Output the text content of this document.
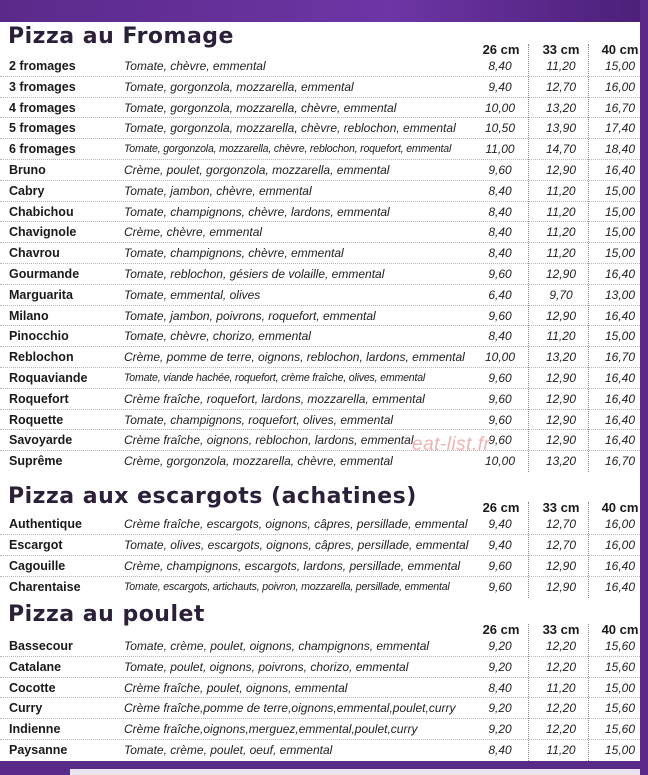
Pizza au Fromage
26 cm	33 cm	40 cm
2 fromages	Tomate, chèvre, emmental	8,40	11,20	15,00
3 fromages	Tomate, gorgonzola, mozzarella, emmental	9,40	12,70	16,00
4 fromages	Tomate, gorgonzola, mozzarella, chèvre, emmental	10,00	13,20	16,70
5 fromages	Tomate, gorgonzola, mozzarella, chèvre, reblochon, emmental	10,50	13,90	17,40
6 fromages	Tomate, gorgonzola, mozzarella, chèvre, reblochon, roquefort, emmental	11,00	14,70	18,40
Bruno	Crème, poulet, gorgonzola, mozzarella, emmental	9,60	12,90	16,40
Cabry	Tomate, jambon, chèvre, emmental	8,40	11,20	15,00
Chabichou	Tomate, champignons, chèvre, lardons, emmental	8,40	11,20	15,00
Chavignole	Crème, chèvre, emmental	8,40	11,20	15,00
Chavrou	Tomate, champignons, chèvre, emmental	8,40	11,20	15,00
Gourmande	Tomate, reblochon, gésiers de volaille, emmental	9,60	12,90	16,40
Marguarita	Tomate, emmental, olives	6,40	9,70	13,00
Milano	Tomate, jambon, poivrons, roquefort, emmental	9,60	12,90	16,40
Pinocchio	Tomate, chèvre, chorizo, emmental	8,40	11,20	15,00
Reblochon	Crème, pomme de terre, oignons, reblochon, lardons, emmental	10,00	13,20	16,70
Roquaviande	Tomate, viande hachée, roquefort, crème fraîche, olives, emmental	9,60	12,90	16,40
Roquefort	Crème fraîche, roquefort, lardons, mozzarella, emmental	9,60	12,90	16,40
Roquette	Tomate, champignons, roquefort, olives, emmental	9,60	12,90	16,40
Savoyarde	Crème fraîche, oignons, reblochon, lardons, emmental	9,60	12,90	16,40
Suprême	Crème, gorgonzola, mozzarella, chèvre, emmental	10,00	13,20	16,70
Pizza aux escargots (achatines)	26 cm	33 cm	40 cm
Authentique	Crème fraîche, escargots, oignons, câpres, persillade, emmental	9,40	12,70	16,00
Escargot	Tomate, olives, escargots, oignons, câpres, persillade, emmental	9,40	12,70	16,00
Cagouille	Crème, champignons, escargots, lardons, persillade, emmental	9,60	12,90	16,40
Charentaise	Tomate, escargots, artichauts, poivron, mozzarella, persillade, emmental	9,60	12,90	16,40
Pizza au poulet
26 cm	33 cm	40 cm
Bassecour	Tomate, crème, poulet, oignons, champignons, emmental	9,20	12,20	15,60
Catalane	Tomate, poulet, oignons, poivrons, chorizo, emmental	9,20	12,20	15,60
Cocotte	Crème fraîche, poulet, oignons, emmental	8,40	11,20	15,00
Curry	Crème fraîche,pomme de terre,oignons,emmental,poulet,curry	9,20	12,20	15,60
Indienne	Crème fraîche,oignons,merguez,emmental,poulet,curry	9,20	12,20	15,60
Paysanne	Tomate, crème, poulet, oeuf, emmental	8,40	11,20	15,00
eat-list.fr
